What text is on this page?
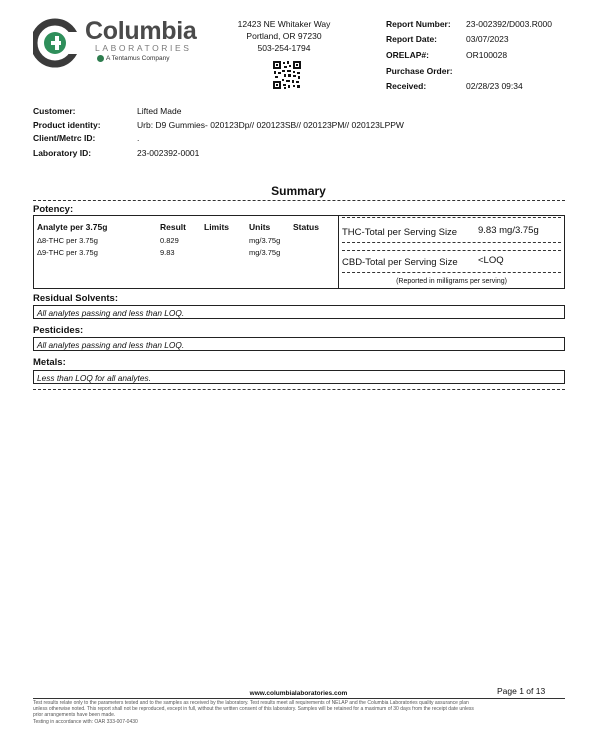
Columbia
LABORATORIES
A Tentamus Company
12423 NE Whitaker Way
Portland, OR 97230
503-254-1794
Report Number: 23-002392/D003.R000
Report Date:	03/07/2023
ORELAP#:	OR100028
Purchase Order:
Received:	02/28/23 09:34
Customer:	Lifted Made
Product identity:	Urb: D9 Gummies- 020123Dp// 020123SB// 020123PM// 020123LPPW
Client/Metrc ID:	.
Laboratory ID:	23-002392-0001
Summary
Potency:
Analyte per 3.75g	Result Limits Units	Status
Δ8-THC per 3.75g	0.829	mg/3.75g
Δ9-THC per 3.75g	9.83	mg/3.75g
THC-Total per Serving Size 9.83 mg/3.75g
CBD-Total per Serving Size <LOQ
(Reported in milligrams per serving)
Residual Solvents:
All analytes passing and less than LOQ.
Pesticides:
All analytes passing and less than LOQ.
Metals:
Less than LOQ for all analytes.
Page 1 of 13
www.columbialaboratories.com
Test results relate only to the parameters tested and to the samples as received by the laboratory. Test results meet all requirements of NELAP and the Columbia Laboratories quality assurance plan
unless otherwise noted. This report shall not be reproduced, except in full, without the written consent of this laboratory. Samples will be retained for a maximum of 30 days from the receipt date unless
prior arrangements have been made.
Testing in accordance with: OAR 333-007-0430
